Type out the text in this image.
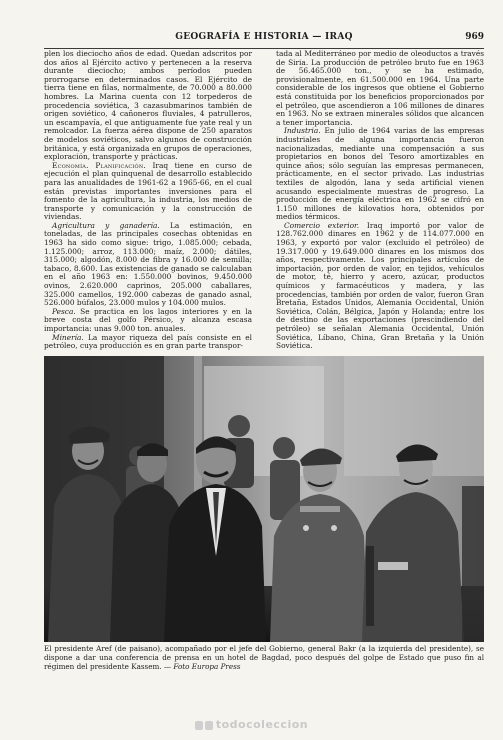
GEOGRAFÍA E HISTORIA — IRAQ	969

plen los dieciocho años de edad. Quedan adscritos por dos años al Ejército activo y pertenecen a la reserva durante dieciocho; ambos períodos pueden prorrogarse en determinados casos. El Ejército de tierra tiene en filas, normalmente, de 70.000 a 80.000 hombres. La Marina cuenta con 12 torpederos de procedencia soviética, 3 cazasubmarinos también de origen soviético, 4 cañoneros fluviales, 4 patrulleros, un escampavía, el que antiguamente fue yate real y un remolcador. La fuerza aérea dispone de 250 aparatos de modelos soviéticos, salvo algunos de construcción británica, y está organizada en grupos de operaciones, exploración, transporte y prácticas.

Economía. Planificación. Iraq tiene en curso de ejecución el plan quinquenal de desarrollo establecido para las anualidades de 1961-62 a 1965-66, en el cual están previstas importantes inversiones para el fomento de la agricultura, la industria, los medios de transporte y comunicación y la construcción de viviendas.

Agricultura y ganadería. La estimación, en toneladas, de las principales cosechas obtenidas en 1963 ha sido como sigue: trigo, 1.085.000; cebada, 1.125.000; arroz, 113.000; maíz, 2.000; dátiles, 315.000; algodón, 8.000 de fibra y 16.000 de semilla; tabaco, 8.600. Las existencias de ganado se calculaban en el año 1963 en: 1.550.000 bovinos, 9.450.000 ovinos, 2.620.000 caprinos, 205.000 caballares, 325.000 camellos, 192.000 cabezas de ganado asnal, 526.000 búfalos, 23.000 mulos y 104.000 mulos.

Pesca. Se practica en los lagos interiores y en la breve costa del golfo Pérsico, y alcanza escasa importancia: unas 9.000 ton. anuales.

Minería. La mayor riqueza del país consiste en el petróleo, cuya producción es en gran parte transpor-

tada al Mediterráneo por medio de oleoductos a través de Siria. La producción de petróleo bruto fue en 1963 de 56.465.000 ton., y se ha estimado, provisionalmente, en 61.500.000 en 1964. Una parte considerable de los ingresos que obtiene el Gobierno está constituida por los beneficios proporcionados por el petróleo, que ascendieron a 106 millones de dinares en 1963. No se extraen minerales sólidos que alcancen a tener importancia.

Industria. En julio de 1964 varias de las empresas industriales de alguna importancia fueron nacionalizadas, mediante una compensación a sus propietarios en bonos del Tesoro amortizables en quince años; sólo seguían las empresas permanecen, prácticamente, en el sector privado. Las industrias textiles de algodón, lana y seda artificial vienen acusando especialmente muestras de progreso. La producción de energía eléctrica en 1962 se cifró en 1.150 millones de kilovatios hora, obtenidos por medios térmicos.

Comercio exterior. Iraq importó por valor de 128.762.000 dinares en 1962 y de 114.077.000 en 1963, y exportó por valor (excluido el petróleo) de 19.317.000 y 19.649.000 dinares en los mismos dos años, respectivamente. Los principales artículos de importación, por orden de valor, en tejidos, vehículos de motor, té, hierro y acero, azúcar, productos químicos y farmacéuticos y madera, y las procedencias, también por orden de valor, fueron Gran Bretaña, Estados Unidos, Alemania Occidental, Unión Soviética, Colán, Bélgica, Japón y Holanda; entre los de destino de las exportaciones (prescindiendo del petróleo) se señalan Alemania Occidental, Unión Soviética, Líbano, China, Gran Bretaña y la Unión Soviética.

El presidente Aref (de paisano), acompañado por el jefe del Gobierno, general Bakr (a la izquierda del presidente), se dispone a dar una conferencia de prensa en un hotel de Bagdad, poco después del golpe de Estado que puso fin al régimen del presidente Kassem. — Foto Europa Press
todocoleccion
